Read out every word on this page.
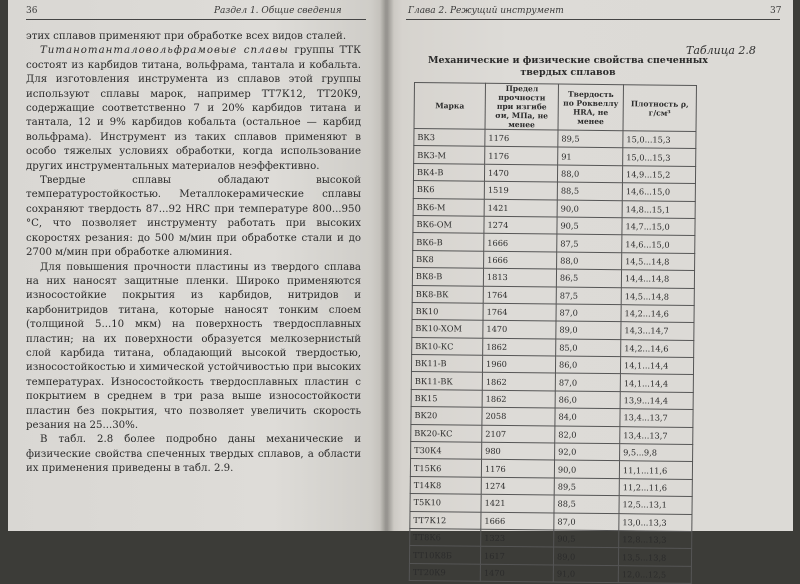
36	Раздел 1. Общие сведения

этих сплавов применяют при обработке всех видов сталей.

Титанотанталовольфрамовые сплавы группы ТТК состоят из карбидов титана, вольфрама, тантала и кобальта. Для изготовления инструмента из сплавов этой группы используют сплавы марок, например ТТ7К12, ТТ20К9, содержащие соответственно 7 и 20% карбидов титана и тантала, 12 и 9% карбидов кобальта (остальное — карбид вольфрама). Инструмент из таких сплавов применяют в особо тяжелых условиях обработки, когда использование других инструментальных материалов неэффективно.

Твердые сплавы обладают высокой температуростойкостью. Металлокерамические сплавы сохраняют твердость 87...92 HRC при температуре 800...950 °С, что позволяет инструменту работать при высоких скоростях резания: до 500 м/мин при обработке стали и до 2700 м/мин при обработке алюминия.

Для повышения прочности пластины из твердого сплава на них наносят защитные пленки. Широко применяются износостойкие покрытия из карбидов, нитридов и карбонитридов титана, которые наносят тонким слоем (толщиной 5...10 мкм) на поверхность твердосплавных пластин; на их поверхности образуется мелкозернистый слой карбида титана, обладающий высокой твердостью, износостойкостью и химической устойчивостью при высоких температурах. Износостойкость твердосплавных пластин с покрытием в среднем в три раза выше износостойкости пластин без покрытия, что позволяет увеличить скорость резания на 25...30%.

В табл. 2.8 более подробно даны механические и физические свойства спеченных твердых сплавов, а области их применения приведены в табл. 2.9.

Глава 2. Режущий инструмент	37
Таблица 2.8
Механические и физические свойства спеченных твердых сплавов
Марка	Предел прочности при изгибе σи, МПа, не менее	Твердость по Роквеллу HRA, не менее	Плотность ρ, г/см³
ВК3	1176	89,5	15,0...15,3
ВК3-М	1176	91	15,0...15,3
ВК4-В	1470	88,0	14,9...15,2
ВК6	1519	88,5	14,6...15,0
ВК6-М	1421	90,0	14,8...15,1
ВК6-ОМ	1274	90,5	14,7...15,0
ВК6-В	1666	87,5	14,6...15,0
ВК8	1666	88,0	14,5...14,8
ВК8-В	1813	86,5	14,4...14,8
ВК8-ВК	1764	87,5	14,5...14,8
ВК10	1764	87,0	14,2...14,6
ВК10-ХОМ	1470	89,0	14,3...14,7
ВК10-КС	1862	85,0	14,2...14,6
ВК11-В	1960	86,0	14,1...14,4
ВК11-ВК	1862	87,0	14,1...14,4
ВК15	1862	86,0	13,9...14,4
ВК20	2058	84,0	13,4...13,7
ВК20-КС	2107	82,0	13,4...13,7
Т30К4	980	92,0	9,5...9,8
Т15К6	1176	90,0	11,1...11,6
Т14К8	1274	89,5	11,2...11,6
Т5К10	1421	88,5	12,5...13,1
ТТ7К12	1666	87,0	13,0...13,3
ТТ8К6	1323	90,5	12,8...13,3
ТТ10К8Б	1617	89,0	13,5...13,8
ТТ20К9	1470	91,0	12,0...12,5
